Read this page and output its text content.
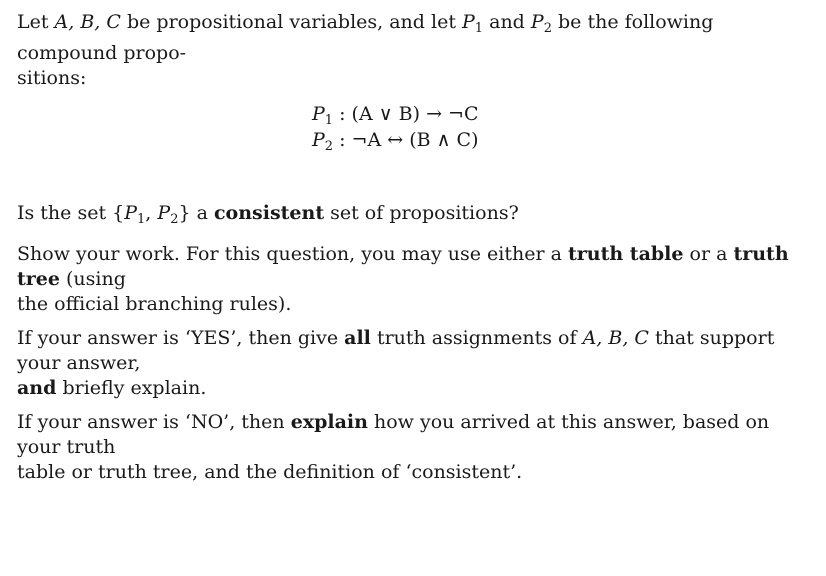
Let A, B, C be propositional variables, and let $P_1$ and $P_2$ be the following compound propo-
sitions:

$P_1$ : (A ∨ B) → ¬C
$P_2$ : ¬A ↔ (B ∧ C)

Is the set {$P_1$, $P_2$} a consistent set of propositions?

Show your work. For this question, you may use either a truth table or a truth tree (using
the official branching rules).

If your answer is ‘YES’, then give all truth assignments of A, B, C that support your answer,
and briefly explain.

If your answer is ‘NO’, then explain how you arrived at this answer, based on your truth
table or truth tree, and the definition of ‘consistent’.
